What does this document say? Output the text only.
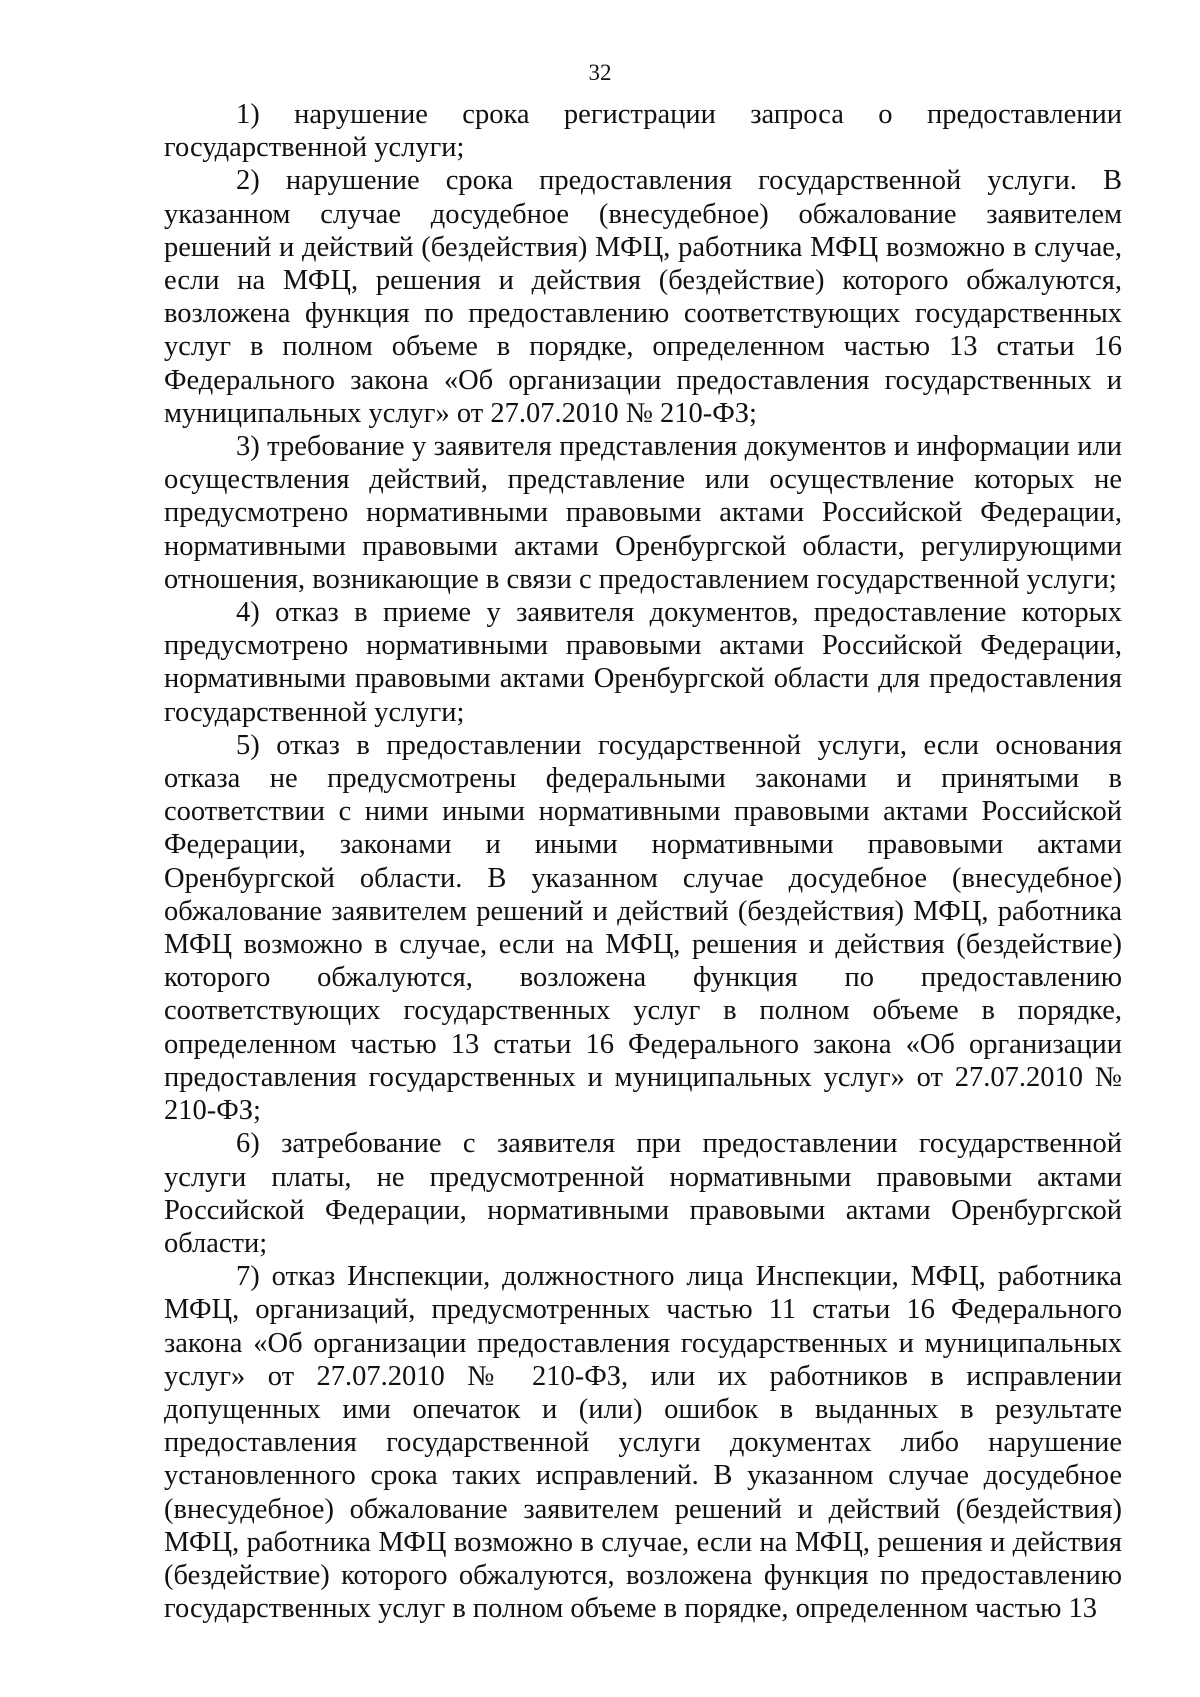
32

1) нарушение срока регистрации запроса о предоставлении государственной услуги;

2) нарушение срока предоставления государственной услуги. В указанном случае досудебное (внесудебное) обжалование заявителем решений и действий (бездействия) МФЦ, работника МФЦ возможно в случае, если на МФЦ, решения и действия (бездействие) которого обжалуются, возложена функция по предоставлению соответствующих государственных услуг в полном объеме в порядке, определенном частью 13 статьи 16 Федерального закона «Об организации предоставления государственных и муниципальных услуг» от 27.07.2010 № 210-ФЗ;

3) требование у заявителя представления документов и информации или осуществления действий, представление или осуществление которых не предусмотрено нормативными правовыми актами Российской Федерации, нормативными правовыми актами Оренбургской области, регулирующими отношения, возникающие в связи с предоставлением государственной услуги;

4) отказ в приеме у заявителя документов, предоставление которых предусмотрено нормативными правовыми актами Российской Федерации, нормативными правовыми актами Оренбургской области для предоставления государственной услуги;

5) отказ в предоставлении государственной услуги, если основания отказа не предусмотрены федеральными законами и принятыми в соответствии с ними иными нормативными правовыми актами Российской Федерации, законами и иными нормативными правовыми актами Оренбургской области. В указанном случае досудебное (внесудебное) обжалование заявителем решений и действий (бездействия) МФЦ, работника МФЦ возможно в случае, если на МФЦ, решения и действия (бездействие) которого обжалуются, возложена функция по предоставлению соответствующих государственных услуг в полном объеме в порядке, определенном частью 13 статьи 16 Федерального закона «Об организации предоставления государственных и муниципальных услуг» от 27.07.2010 № 210-ФЗ;

6) затребование с заявителя при предоставлении государственной услуги платы, не предусмотренной нормативными правовыми актами Российской Федерации, нормативными правовыми актами Оренбургской области;

7) отказ Инспекции, должностного лица Инспекции, МФЦ, работника МФЦ, организаций, предусмотренных частью 11 статьи 16 Федерального закона «Об организации предоставления государственных и муниципальных услуг» от 27.07.2010 № 210-ФЗ, или их работников в исправлении допущенных ими опечаток и (или) ошибок в выданных в результате предоставления государственной услуги документах либо нарушение установленного срока таких исправлений. В указанном случае досудебное (внесудебное) обжалование заявителем решений и действий (бездействия) МФЦ, работника МФЦ возможно в случае, если на МФЦ, решения и действия (бездействие) которого обжалуются, возложена функция по предоставлению государственных услуг в полном объеме в порядке, определенном частью 13
